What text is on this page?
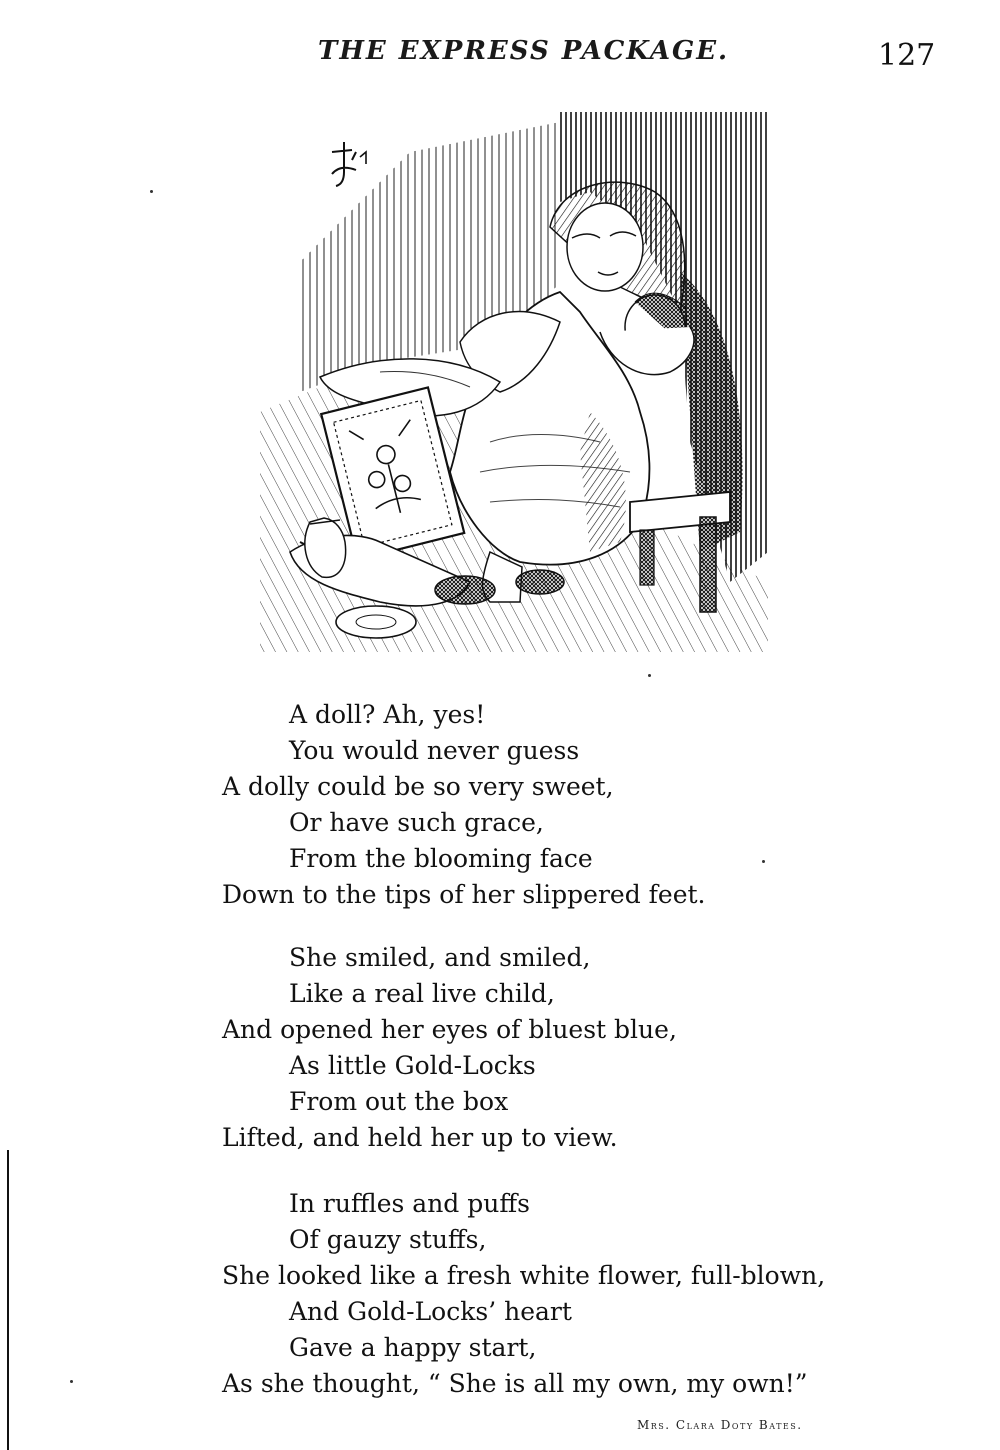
THE EXPRESS PACKAGE.	127
A doll? Ah, yes!
You would never guess
A dolly could be so very sweet,
Or have such grace,
From the blooming face
Down to the tips of her slippered feet.
She smiled, and smiled,
Like a real live child,
And opened her eyes of bluest blue,
As little Gold-Locks
From out the box
Lifted, and held her up to view.
In ruffles and puffs
Of gauzy stuffs,
She looked like a fresh white flower, full-blown,
And Gold-Locks’ heart
Gave a happy start,
As she thought, “ She is all my own, my own!”
Mrs. Clara Doty Bates.
